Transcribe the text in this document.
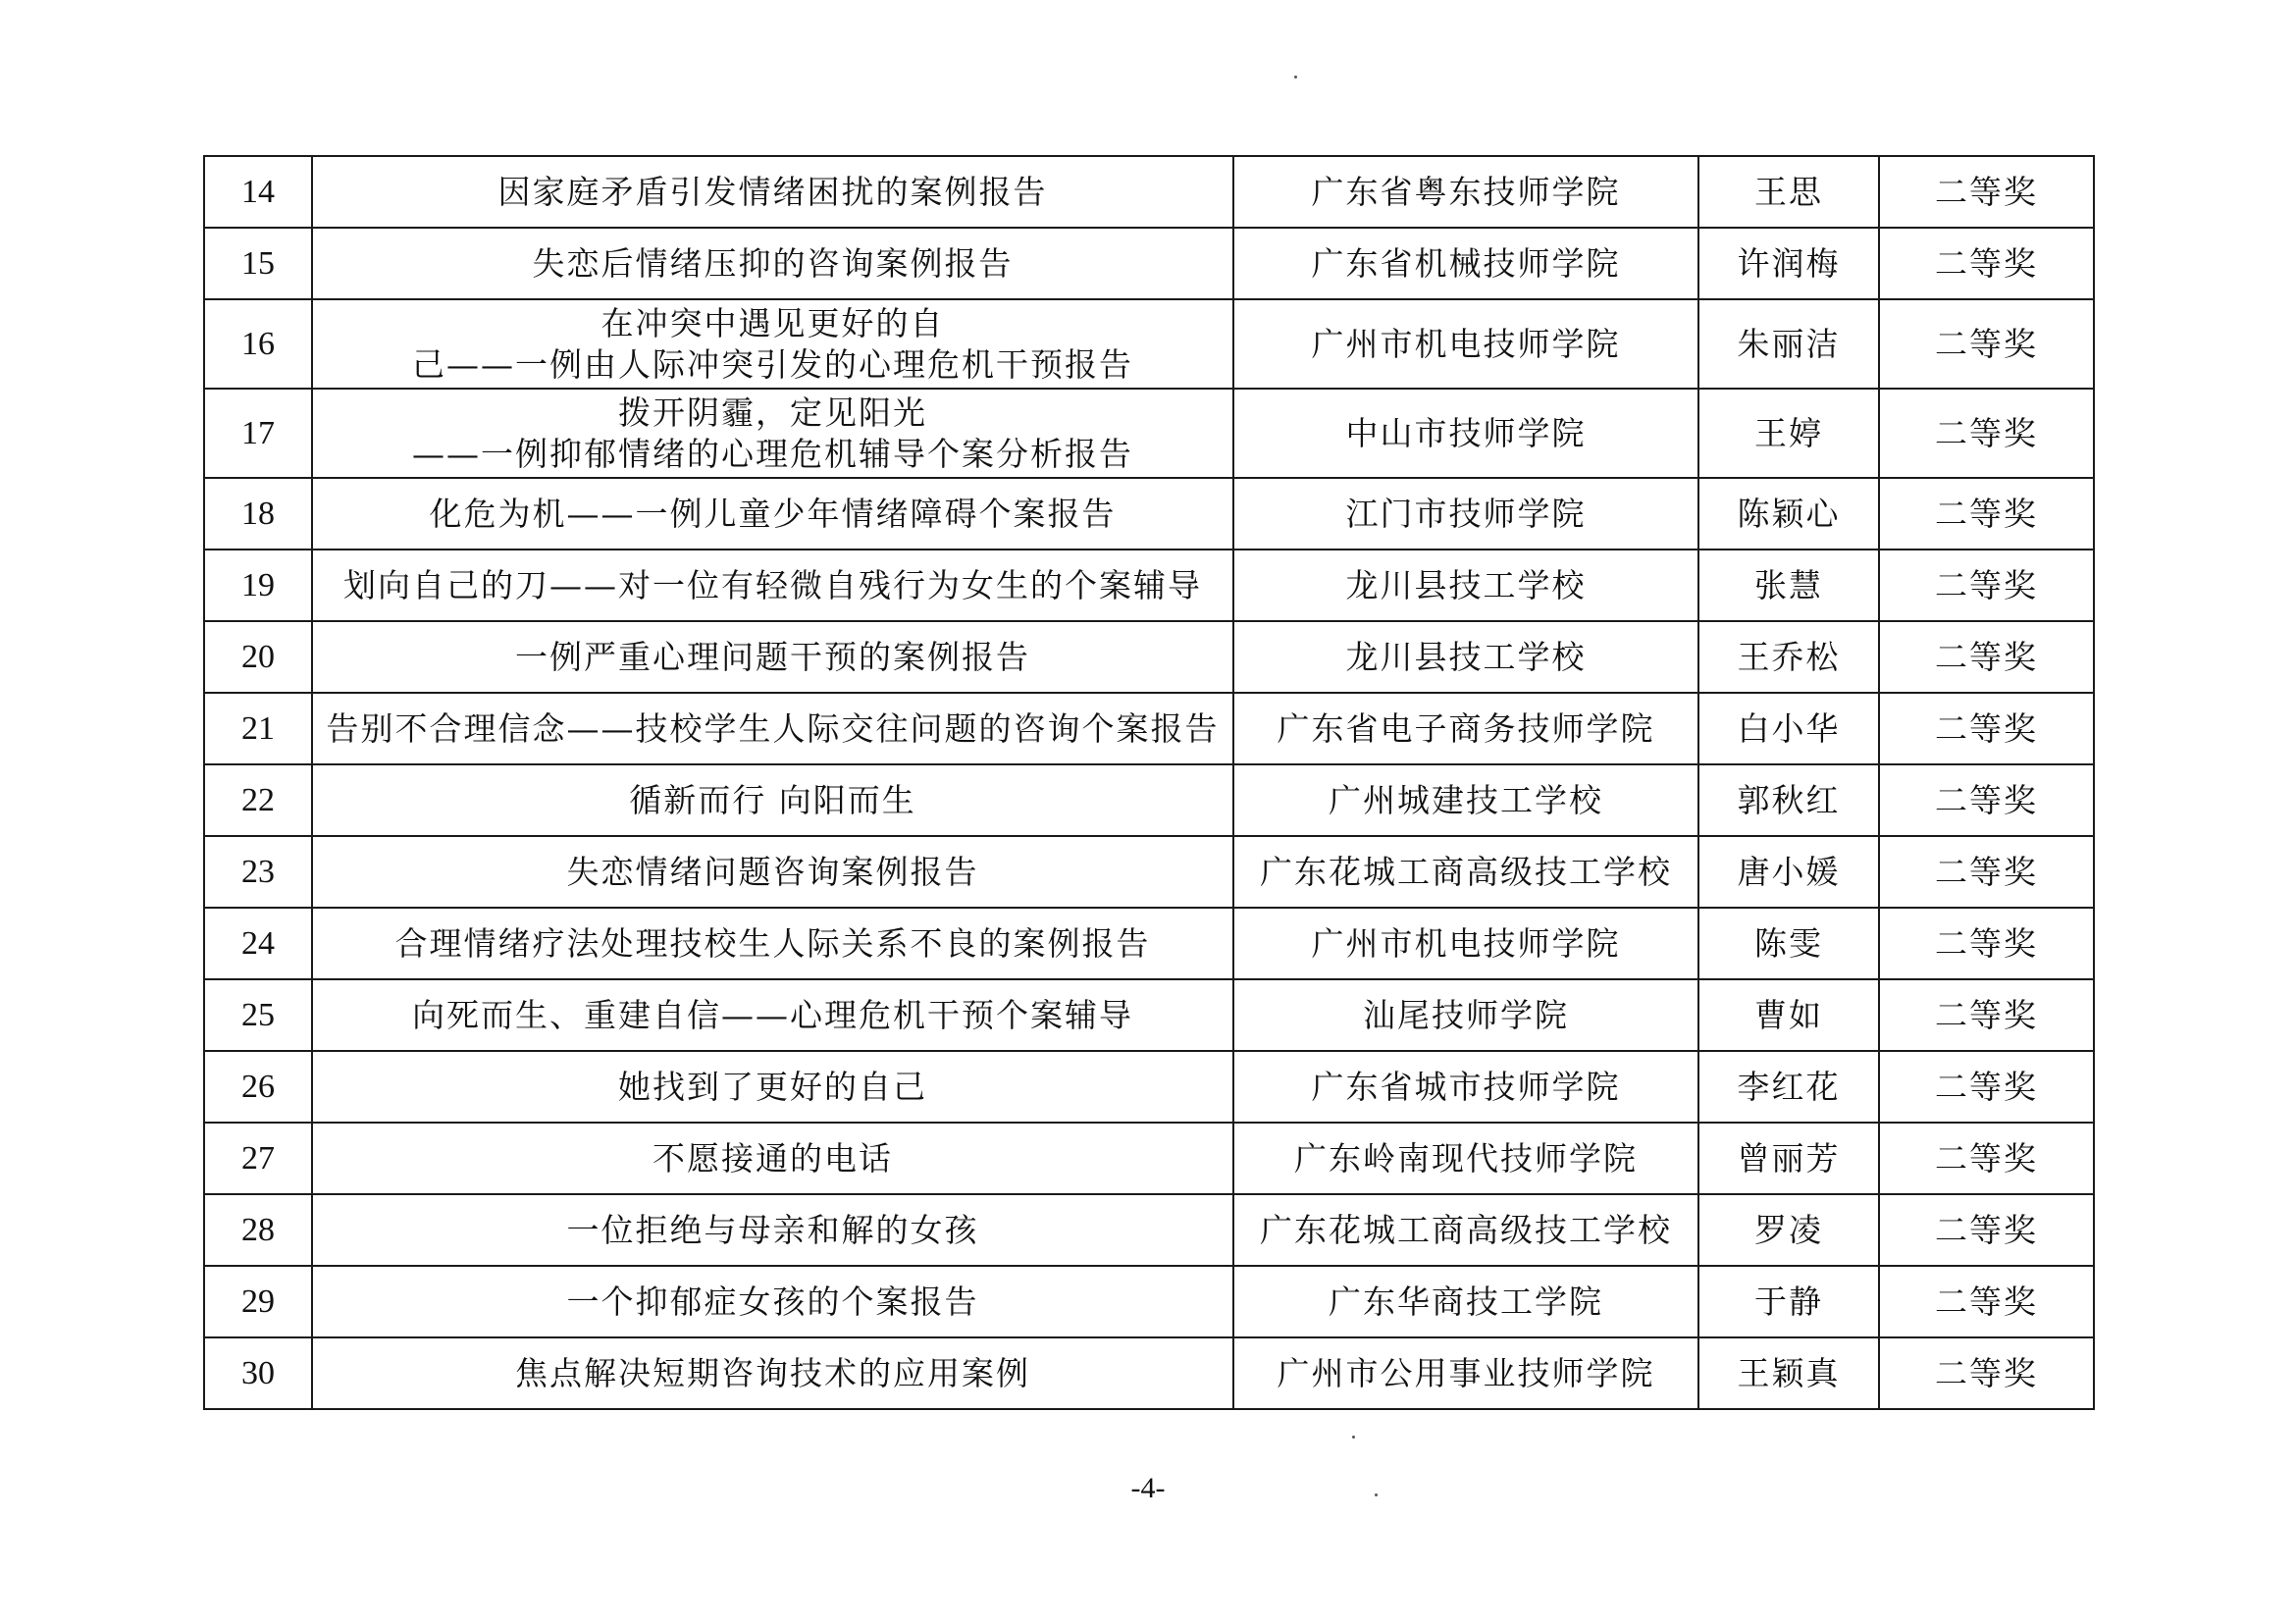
14	因家庭矛盾引发情绪困扰的案例报告	广东省粤东技师学院	王思	二等奖
15	失恋后情绪压抑的咨询案例报告	广东省机械技师学院	许润梅	二等奖
16	在冲突中遇见更好的自
己——一例由人际冲突引发的心理危机干预报告	广州市机电技师学院	朱丽洁	二等奖
17	拨开阴霾，定见阳光
——一例抑郁情绪的心理危机辅导个案分析报告	中山市技师学院	王婷	二等奖
18	化危为机——一例儿童少年情绪障碍个案报告	江门市技师学院	陈颖心	二等奖
19	划向自己的刀——对一位有轻微自残行为女生的个案辅导	龙川县技工学校	张慧	二等奖
20	一例严重心理问题干预的案例报告	龙川县技工学校	王乔松	二等奖
21	告别不合理信念——技校学生人际交往问题的咨询个案报告	广东省电子商务技师学院	白小华	二等奖
22	循新而行 向阳而生	广州城建技工学校	郭秋红	二等奖
23	失恋情绪问题咨询案例报告	广东花城工商高级技工学校	唐小媛	二等奖
24	合理情绪疗法处理技校生人际关系不良的案例报告	广州市机电技师学院	陈雯	二等奖
25	向死而生、重建自信——心理危机干预个案辅导	汕尾技师学院	曹如	二等奖
26	她找到了更好的自己	广东省城市技师学院	李红花	二等奖
27	不愿接通的电话	广东岭南现代技师学院	曾丽芳	二等奖
28	一位拒绝与母亲和解的女孩	广东花城工商高级技工学校	罗凌	二等奖
29	一个抑郁症女孩的个案报告	广东华商技工学院	于静	二等奖
30	焦点解决短期咨询技术的应用案例	广州市公用事业技师学院	王颖真	二等奖
-4-
